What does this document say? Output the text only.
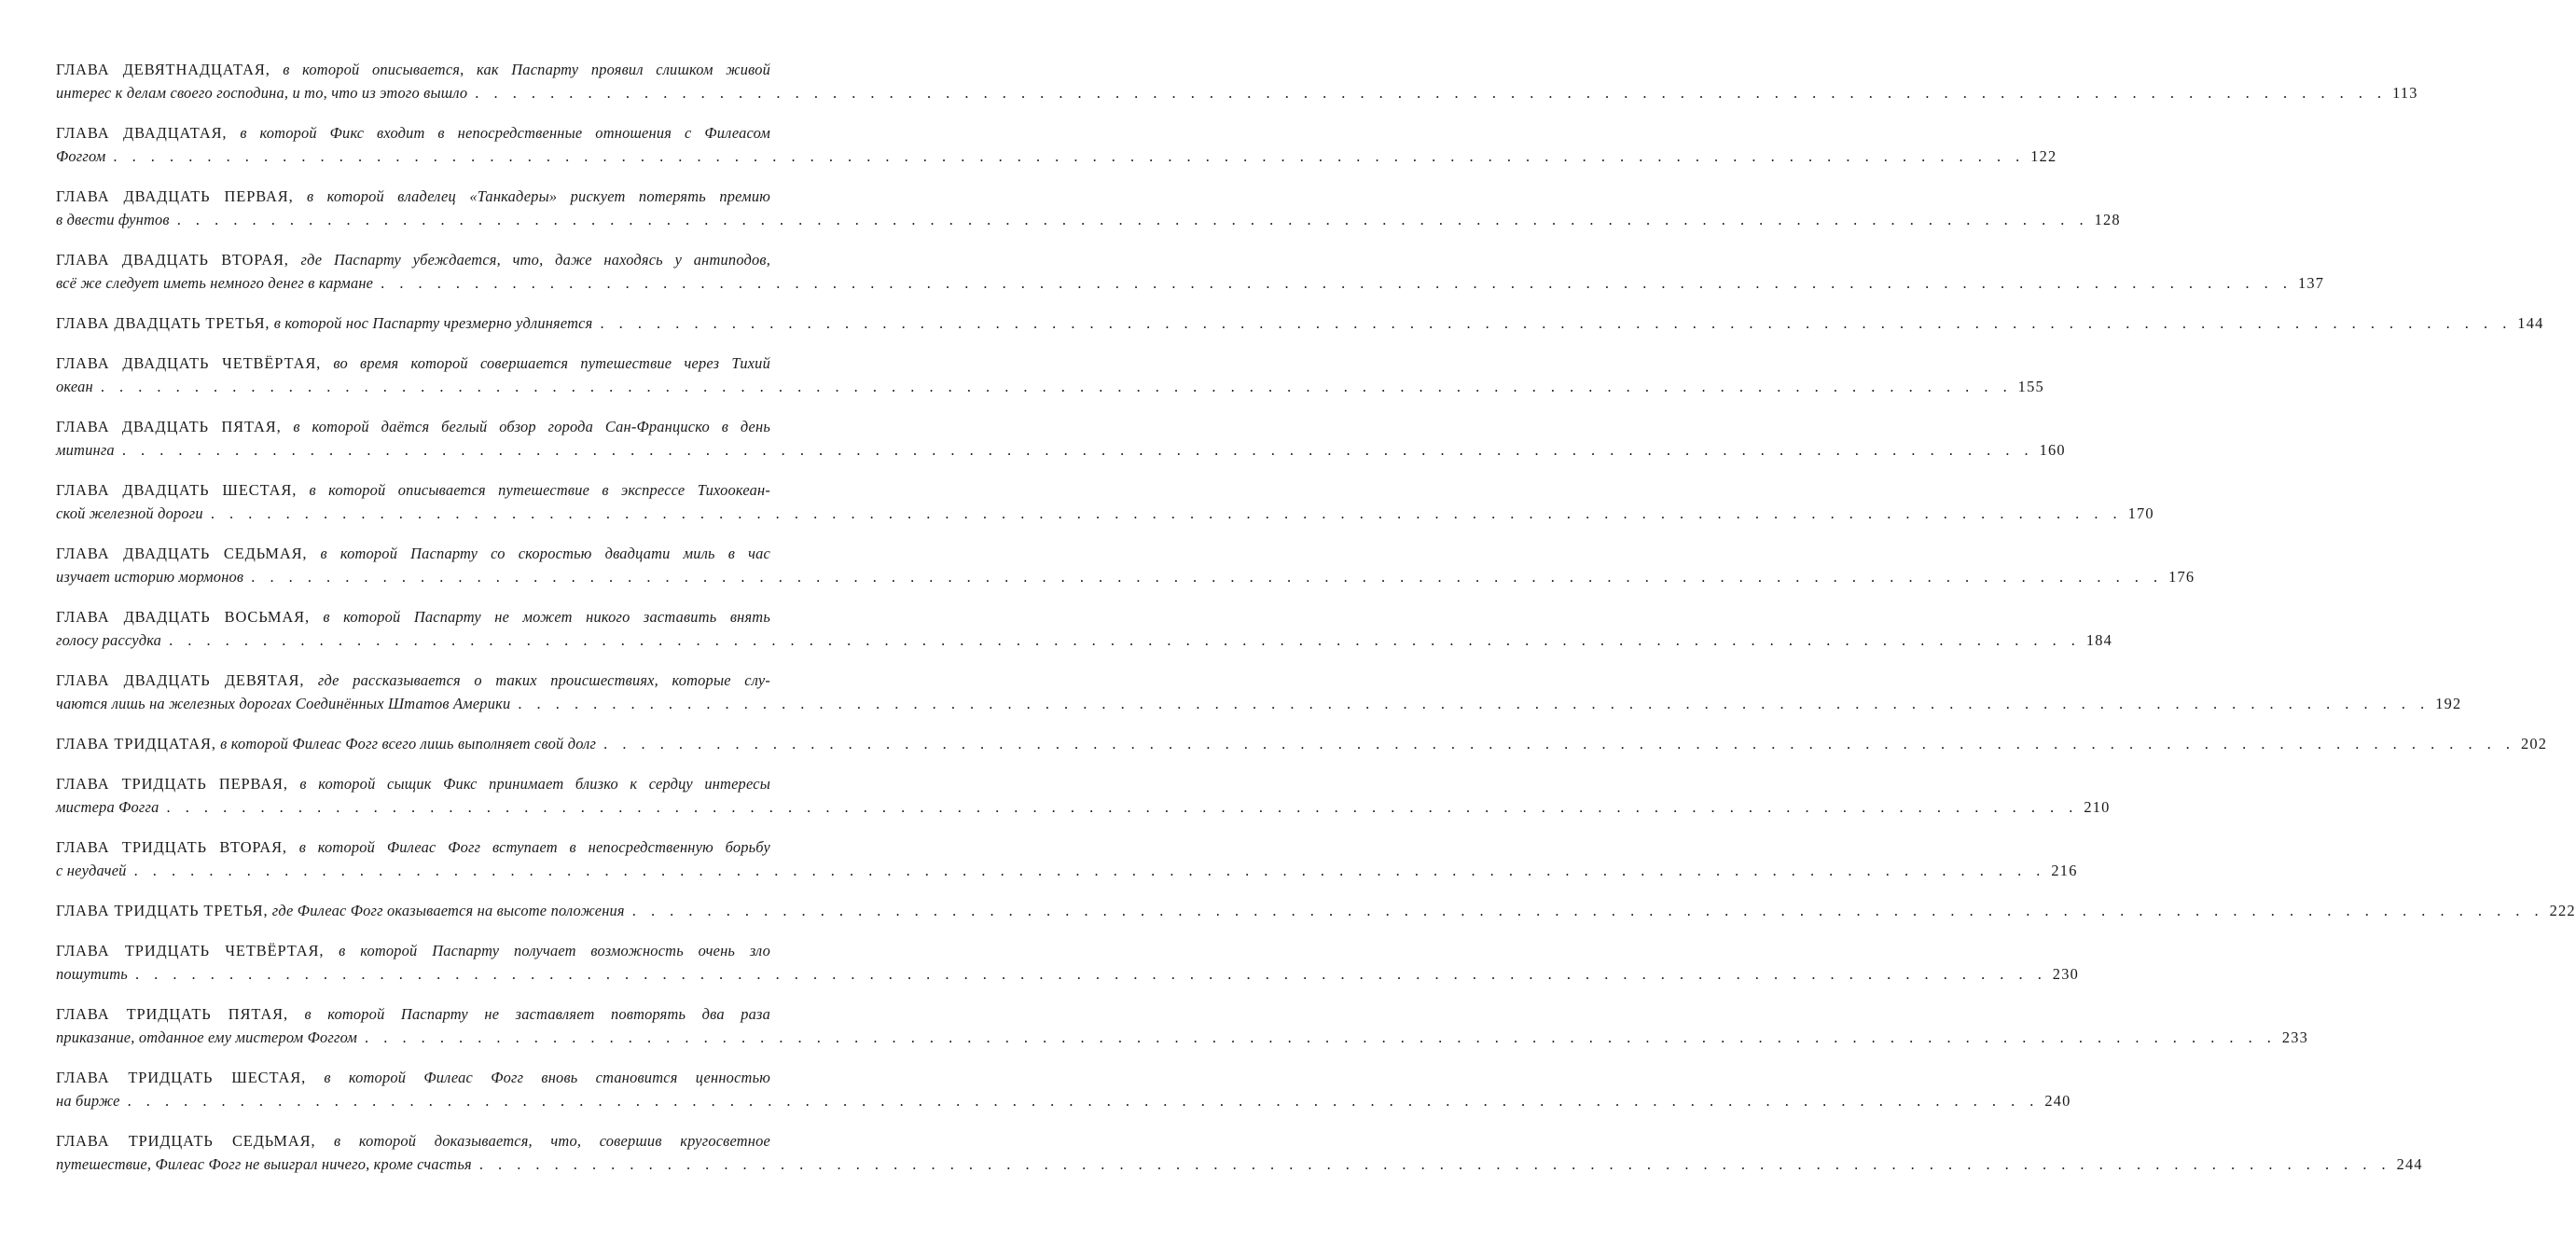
ГЛАВА ДЕВЯТНАДЦАТАЯ, в которой описывается, как Паспарту проявил слишком живой
интерес к делам своего господина, и то, что из этого вышло . . . . . . . . . . . . . . . . . . . . . . . . . . . . . . . . . . . . . . . . . . . . . . . . . . . . . . . . . . . . . . . . . . . . . . . . . . . . . . . . . . . . . . . . . . . . . . . . . . . . . . 113
ГЛАВА ДВАДЦАТАЯ, в которой Фикс входит в непосредственные отношения с Филеасом
Фоггом . . . . . . . . . . . . . . . . . . . . . . . . . . . . . . . . . . . . . . . . . . . . . . . . . . . . . . . . . . . . . . . . . . . . . . . . . . . . . . . . . . . . . . . . . . . . . . . . . . . . . . 122
ГЛАВА ДВАДЦАТЬ ПЕРВАЯ, в которой владелец «Танкадеры» рискует потерять премию
в двести фунтов . . . . . . . . . . . . . . . . . . . . . . . . . . . . . . . . . . . . . . . . . . . . . . . . . . . . . . . . . . . . . . . . . . . . . . . . . . . . . . . . . . . . . . . . . . . . . . . . . . . . . . 128
ГЛАВА ДВАДЦАТЬ ВТОРАЯ, где Паспарту убеждается, что, даже находясь у антиподов,
всё же следует иметь немного денег в кармане . . . . . . . . . . . . . . . . . . . . . . . . . . . . . . . . . . . . . . . . . . . . . . . . . . . . . . . . . . . . . . . . . . . . . . . . . . . . . . . . . . . . . . . . . . . . . . . . . . . . . . 137
ГЛАВА ДВАДЦАТЬ ТРЕТЬЯ, в которой нос Паспарту чрезмерно удлиняется . . . . . . . . . . . . . . . . . . . . . . . . . . . . . . . . . . . . . . . . . . . . . . . . . . . . . . . . . . . . . . . . . . . . . . . . . . . . . . . . . . . . . . . . . . . . . . . . . . . . . . 144
ГЛАВА ДВАДЦАТЬ ЧЕТВЁРТАЯ, во время которой совершается путешествие через Тихий
океан . . . . . . . . . . . . . . . . . . . . . . . . . . . . . . . . . . . . . . . . . . . . . . . . . . . . . . . . . . . . . . . . . . . . . . . . . . . . . . . . . . . . . . . . . . . . . . . . . . . . . . 155
ГЛАВА ДВАДЦАТЬ ПЯТАЯ, в которой даётся беглый обзор города Сан-Франциско в день
митинга . . . . . . . . . . . . . . . . . . . . . . . . . . . . . . . . . . . . . . . . . . . . . . . . . . . . . . . . . . . . . . . . . . . . . . . . . . . . . . . . . . . . . . . . . . . . . . . . . . . . . . 160
ГЛАВА ДВАДЦАТЬ ШЕСТАЯ, в которой описывается путешествие в экспрессе Тихоокеан-
ской железной дороги . . . . . . . . . . . . . . . . . . . . . . . . . . . . . . . . . . . . . . . . . . . . . . . . . . . . . . . . . . . . . . . . . . . . . . . . . . . . . . . . . . . . . . . . . . . . . . . . . . . . . . 170
ГЛАВА ДВАДЦАТЬ СЕДЬМАЯ, в которой Паспарту со скоростью двадцати миль в час
изучает историю мормонов . . . . . . . . . . . . . . . . . . . . . . . . . . . . . . . . . . . . . . . . . . . . . . . . . . . . . . . . . . . . . . . . . . . . . . . . . . . . . . . . . . . . . . . . . . . . . . . . . . . . . . 176
ГЛАВА ДВАДЦАТЬ ВОСЬМАЯ, в которой Паспарту не может никого заставить внять
голосу рассудка . . . . . . . . . . . . . . . . . . . . . . . . . . . . . . . . . . . . . . . . . . . . . . . . . . . . . . . . . . . . . . . . . . . . . . . . . . . . . . . . . . . . . . . . . . . . . . . . . . . . . . 184
ГЛАВА ДВАДЦАТЬ ДЕВЯТАЯ, где рассказывается о таких происшествиях, которые слу-
чаются лишь на железных дорогах Соединённых Штатов Америки . . . . . . . . . . . . . . . . . . . . . . . . . . . . . . . . . . . . . . . . . . . . . . . . . . . . . . . . . . . . . . . . . . . . . . . . . . . . . . . . . . . . . . . . . . . . . . . . . . . . . . 192
ГЛАВА ТРИДЦАТАЯ, в которой Филеас Фогг всего лишь выполняет свой долг . . . . . . . . . . . . . . . . . . . . . . . . . . . . . . . . . . . . . . . . . . . . . . . . . . . . . . . . . . . . . . . . . . . . . . . . . . . . . . . . . . . . . . . . . . . . . . . . . . . . . . 202
ГЛАВА ТРИДЦАТЬ ПЕРВАЯ, в которой сыщик Фикс принимает близко к сердцу интересы
мистера Фогга . . . . . . . . . . . . . . . . . . . . . . . . . . . . . . . . . . . . . . . . . . . . . . . . . . . . . . . . . . . . . . . . . . . . . . . . . . . . . . . . . . . . . . . . . . . . . . . . . . . . . . 210
ГЛАВА ТРИДЦАТЬ ВТОРАЯ, в которой Филеас Фогг вступает в непосредственную борьбу
с неудачей . . . . . . . . . . . . . . . . . . . . . . . . . . . . . . . . . . . . . . . . . . . . . . . . . . . . . . . . . . . . . . . . . . . . . . . . . . . . . . . . . . . . . . . . . . . . . . . . . . . . . . 216
ГЛАВА ТРИДЦАТЬ ТРЕТЬЯ, где Филеас Фогг оказывается на высоте положения . . . . . . . . . . . . . . . . . . . . . . . . . . . . . . . . . . . . . . . . . . . . . . . . . . . . . . . . . . . . . . . . . . . . . . . . . . . . . . . . . . . . . . . . . . . . . . . . . . . . . . 222
ГЛАВА ТРИДЦАТЬ ЧЕТВЁРТАЯ, в которой Паспарту получает возможность очень зло
пошутить . . . . . . . . . . . . . . . . . . . . . . . . . . . . . . . . . . . . . . . . . . . . . . . . . . . . . . . . . . . . . . . . . . . . . . . . . . . . . . . . . . . . . . . . . . . . . . . . . . . . . . 230
ГЛАВА ТРИДЦАТЬ ПЯТАЯ, в которой Паспарту не заставляет повторять два раза
приказание, отданное ему мистером Фоггом . . . . . . . . . . . . . . . . . . . . . . . . . . . . . . . . . . . . . . . . . . . . . . . . . . . . . . . . . . . . . . . . . . . . . . . . . . . . . . . . . . . . . . . . . . . . . . . . . . . . . . 233
ГЛАВА ТРИДЦАТЬ ШЕСТАЯ, в которой Филеас Фогг вновь становится ценностью
на бирже . . . . . . . . . . . . . . . . . . . . . . . . . . . . . . . . . . . . . . . . . . . . . . . . . . . . . . . . . . . . . . . . . . . . . . . . . . . . . . . . . . . . . . . . . . . . . . . . . . . . . . 240
ГЛАВА ТРИДЦАТЬ СЕДЬМАЯ, в которой доказывается, что, совершив кругосветное
путешествие, Филеас Фогг не выиграл ничего, кроме счастья . . . . . . . . . . . . . . . . . . . . . . . . . . . . . . . . . . . . . . . . . . . . . . . . . . . . . . . . . . . . . . . . . . . . . . . . . . . . . . . . . . . . . . . . . . . . . . . . . . . . . . 244
